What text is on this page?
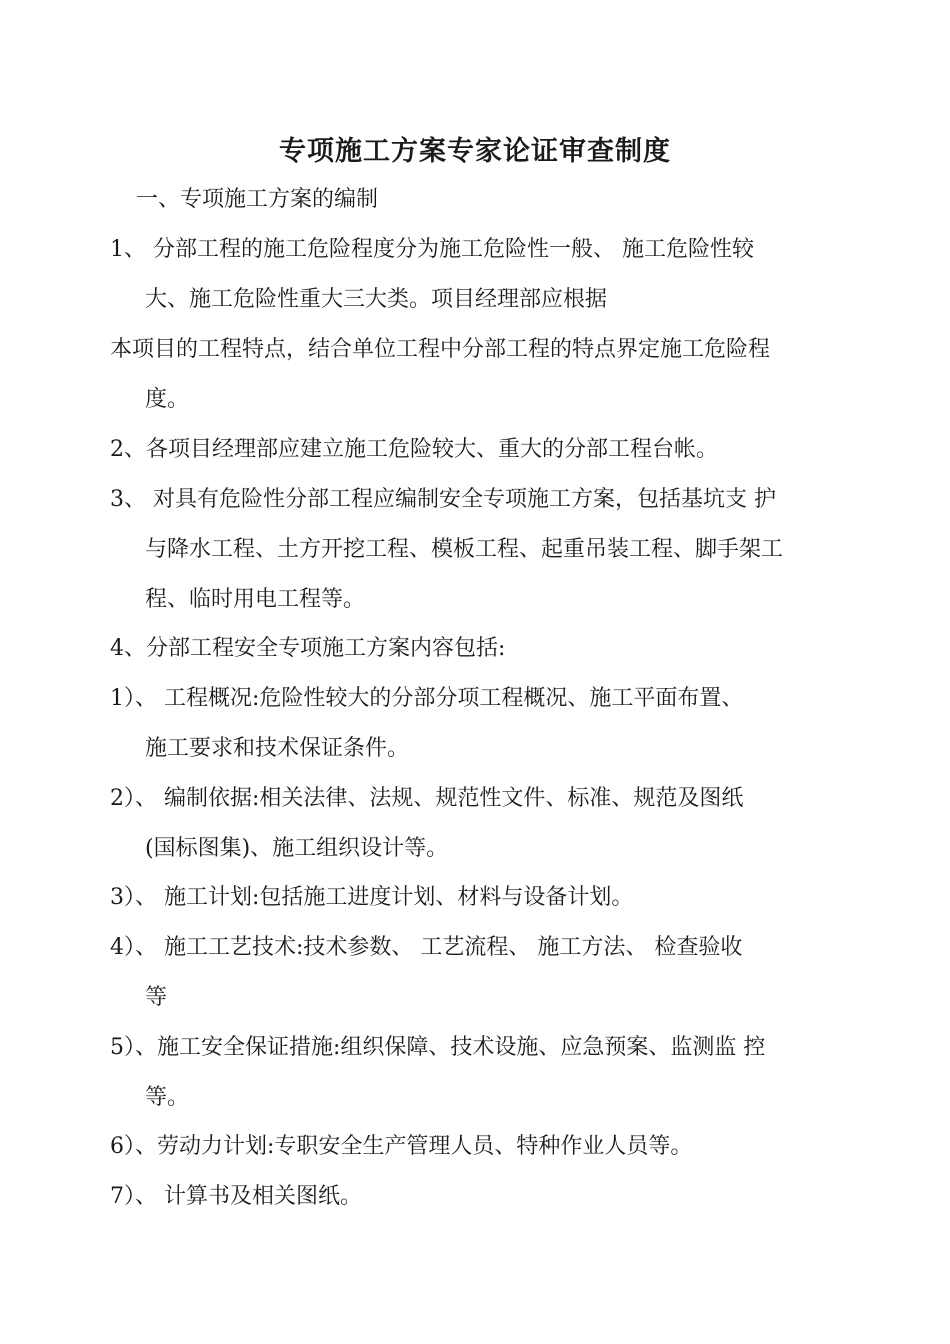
专项施工方案专家论证审查制度
一、专项施工方案的编制
1、 分部工程的施工危险程度分为施工危险性一般、 施工危险性较
大、施工危险性重大三大类。项目经理部应根据
本项目的工程特点，结合单位工程中分部工程的特点界定施工危险程
度。
2、各项目经理部应建立施工危险较大、重大的分部工程台帐。
3、 对具有危险性分部工程应编制安全专项施工方案，包括基坑支 护
与降水工程、土方开挖工程、模板工程、起重吊装工程、脚手架工
程、临时用电工程等。
4、分部工程安全专项施工方案内容包括:
1）、 工程概况:危险性较大的分部分项工程概况、施工平面布置、
施工要求和技术保证条件。
2）、 编制依据:相关法律、法规、规范性文件、标准、规范及图纸
(国标图集)、施工组织设计等。
3）、 施工计划:包括施工进度计划、材料与设备计划。
4）、 施工工艺技术:技术参数、 工艺流程、 施工方法、 检查验收
等
5）、施工安全保证措施:组织保障、技术设施、应急预案、监测监 控
等。
6）、劳动力计划:专职安全生产管理人员、特种作业人员等。
7）、 计算书及相关图纸。
